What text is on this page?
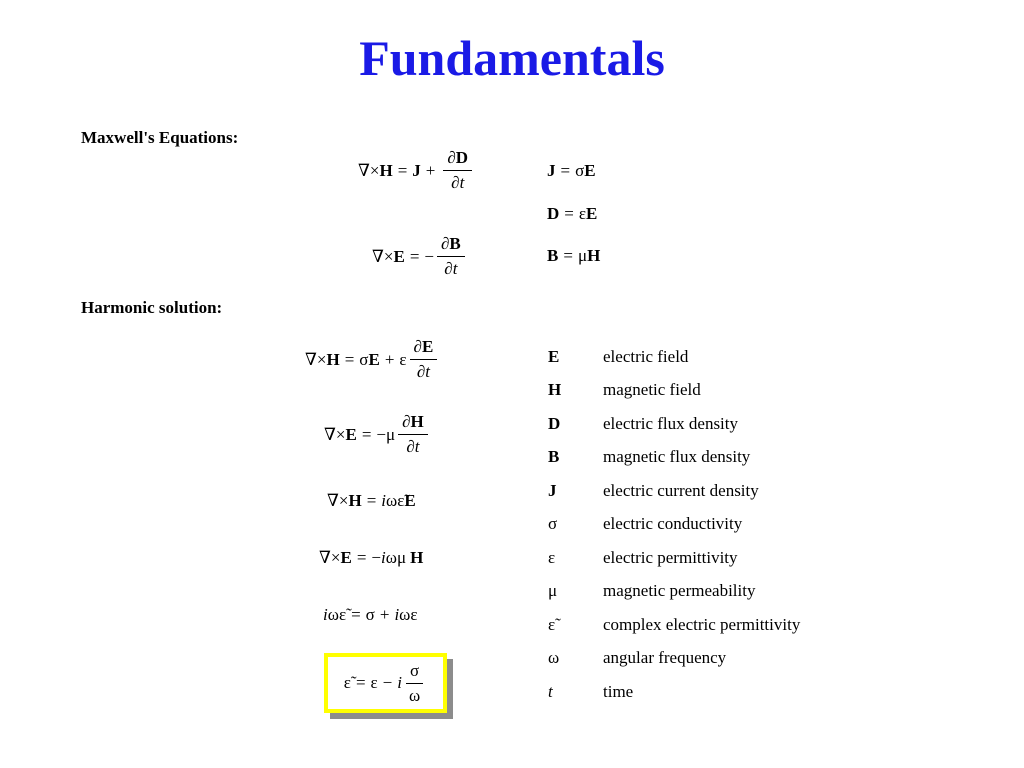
Fundamentals
Maxwell's Equations:
Harmonic solution:
∇ × $H = J + \frac{\partial D}{\partial t}$	J = σ E
D = ε E
B = μ H
∇ × E = − $\frac{\partial B}{\partial t}$
∇ × H = σ E + ε $\frac{\partial E}{\partial t}$
∇ × E = − μ $\frac{\partial H}{\partial t}$
∇ × H = i ω ε̃ E
∇ × E = − i ω μ H
i ω ε̃ = σ + i ω ε
ε̃ = ε − i $\frac{\sigma}{\omega}$
E	electric field
H	magnetic field
D	electric flux density
B	magnetic flux density
J	electric current density
σ	electric conductivity
ε	electric permittivity
μ	magnetic permeability
ε̃	complex electric permittivity
ω	angular frequency
t	time
